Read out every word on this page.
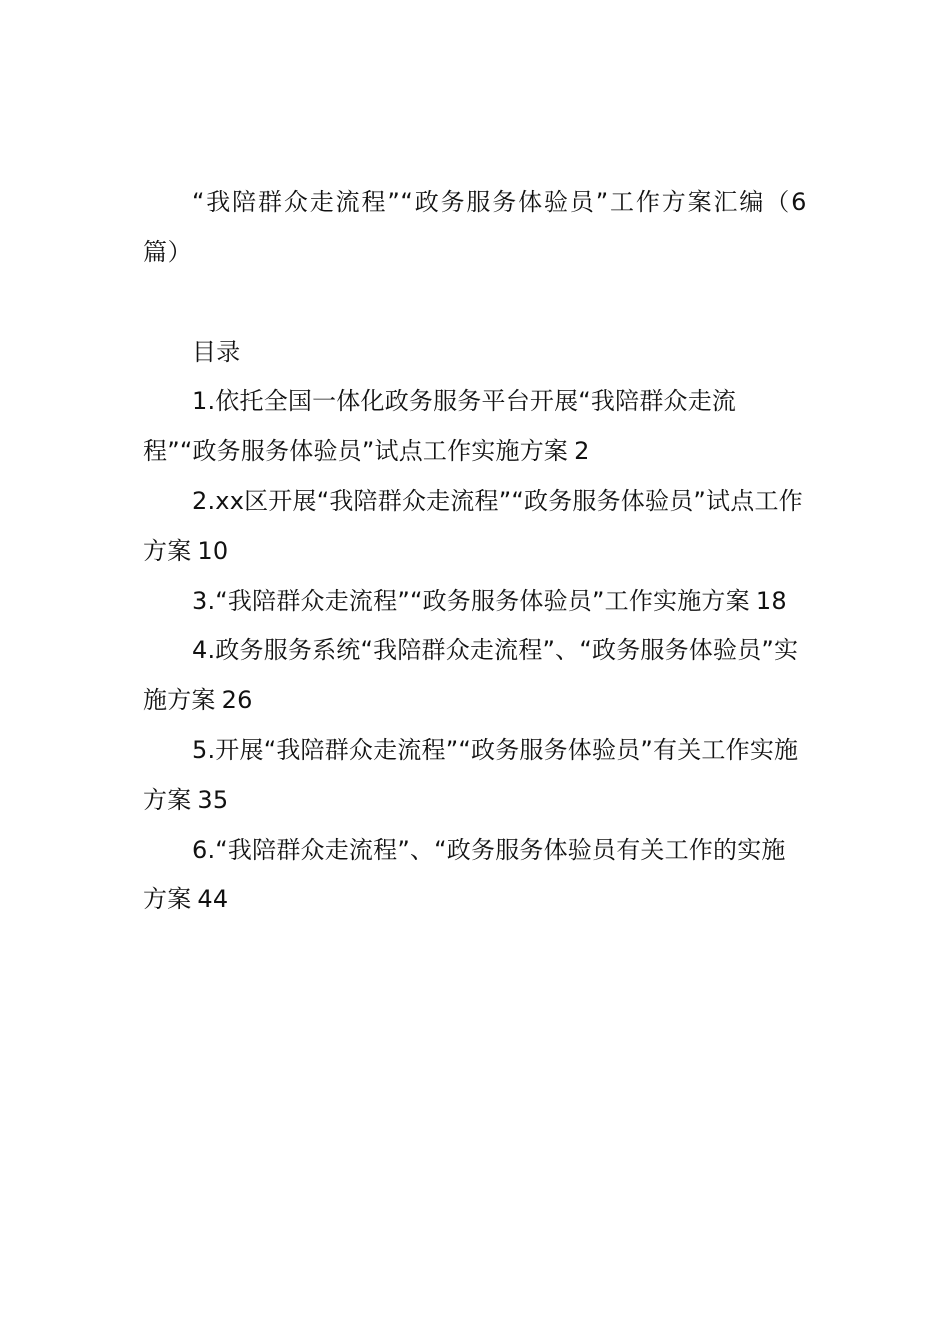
“我陪群众走流程”“政务服务体验员”工作方案汇编（6篇）

目录

1.依托全国一体化政务服务平台开展“我陪群众走流程”“政务服务体验员”试点工作实施方案 2
2.xx区开展“我陪群众走流程”“政务服务体验员”试点工作方案 10
3.“我陪群众走流程”“政务服务体验员”工作实施方案 18
4.政务服务系统“我陪群众走流程”、“政务服务体验员”实施方案 26
5.开展“我陪群众走流程”“政务服务体验员”有关工作实施方案 35
6.“我陪群众走流程”、“政务服务体验员有关工作的实施方案 44
